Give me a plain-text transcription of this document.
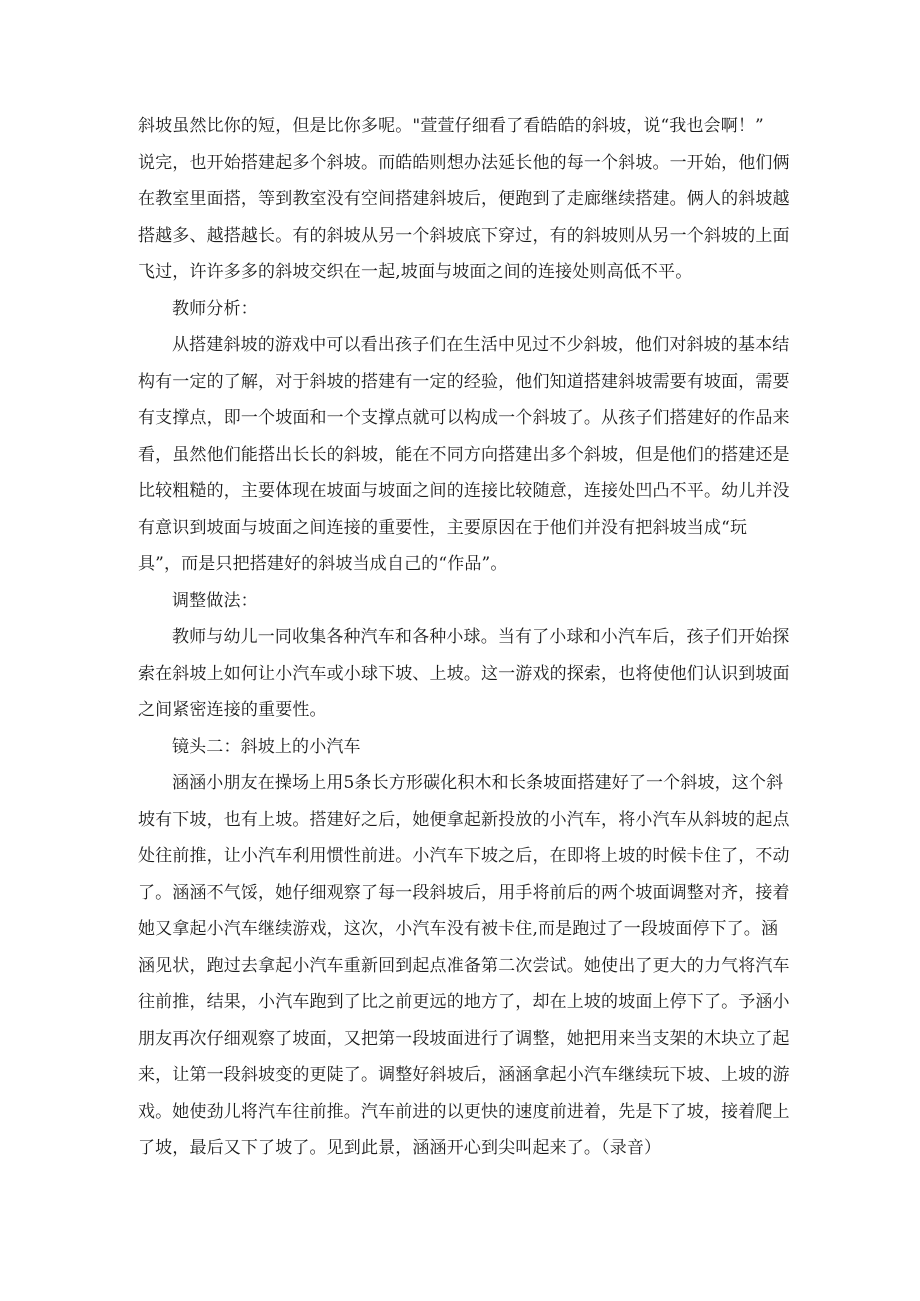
斜坡虽然比你的短，但是比你多呢。"萱萱仔细看了看皓皓的斜坡，说“我也会啊！”
说完，也开始搭建起多个斜坡。而皓皓则想办法延长他的每一个斜坡。一开始，他们俩
在教室里面搭，等到教室没有空间搭建斜坡后，便跑到了走廊继续搭建。俩人的斜坡越
搭越多、越搭越长。有的斜坡从另一个斜坡底下穿过，有的斜坡则从另一个斜坡的上面
飞过，许许多多的斜坡交织在一起,坡面与坡面之间的连接处则高低不平。
教师分析：
从搭建斜坡的游戏中可以看出孩子们在生活中见过不少斜坡，他们对斜坡的基本结
构有一定的了解，对于斜坡的搭建有一定的经验，他们知道搭建斜坡需要有坡面，需要
有支撑点，即一个坡面和一个支撑点就可以构成一个斜坡了。从孩子们搭建好的作品来
看，虽然他们能搭出长长的斜坡，能在不同方向搭建出多个斜坡，但是他们的搭建还是
比较粗糙的，主要体现在坡面与坡面之间的连接比较随意，连接处凹凸不平。幼儿并没
有意识到坡面与坡面之间连接的重要性，主要原因在于他们并没有把斜坡当成“玩
具”，而是只把搭建好的斜坡当成自己的“作品”。
调整做法：
教师与幼儿一同收集各种汽车和各种小球。当有了小球和小汽车后，孩子们开始探
索在斜坡上如何让小汽车或小球下坡、上坡。这一游戏的探索，也将使他们认识到坡面
之间紧密连接的重要性。
镜头二：斜坡上的小汽车
涵涵小朋友在操场上用5条长方形碳化积木和长条坡面搭建好了一个斜坡，这个斜
坡有下坡，也有上坡。搭建好之后，她便拿起新投放的小汽车，将小汽车从斜坡的起点
处往前推，让小汽车利用惯性前进。小汽车下坡之后，在即将上坡的时候卡住了，不动
了。涵涵不气馁，她仔细观察了每一段斜坡后，用手将前后的两个坡面调整对齐，接着
她又拿起小汽车继续游戏，这次，小汽车没有被卡住,而是跑过了一段坡面停下了。涵
涵见状，跑过去拿起小汽车重新回到起点准备第二次尝试。她使出了更大的力气将汽车
往前推，结果，小汽车跑到了比之前更远的地方了，却在上坡的坡面上停下了。予涵小
朋友再次仔细观察了坡面，又把第一段坡面进行了调整，她把用来当支架的木块立了起
来，让第一段斜坡变的更陡了。调整好斜坡后，涵涵拿起小汽车继续玩下坡、上坡的游
戏。她使劲儿将汽车往前推。汽车前进的以更快的速度前进着，先是下了坡，接着爬上
了坡，最后又下了坡了。见到此景，涵涵开心到尖叫起来了。（录音）
